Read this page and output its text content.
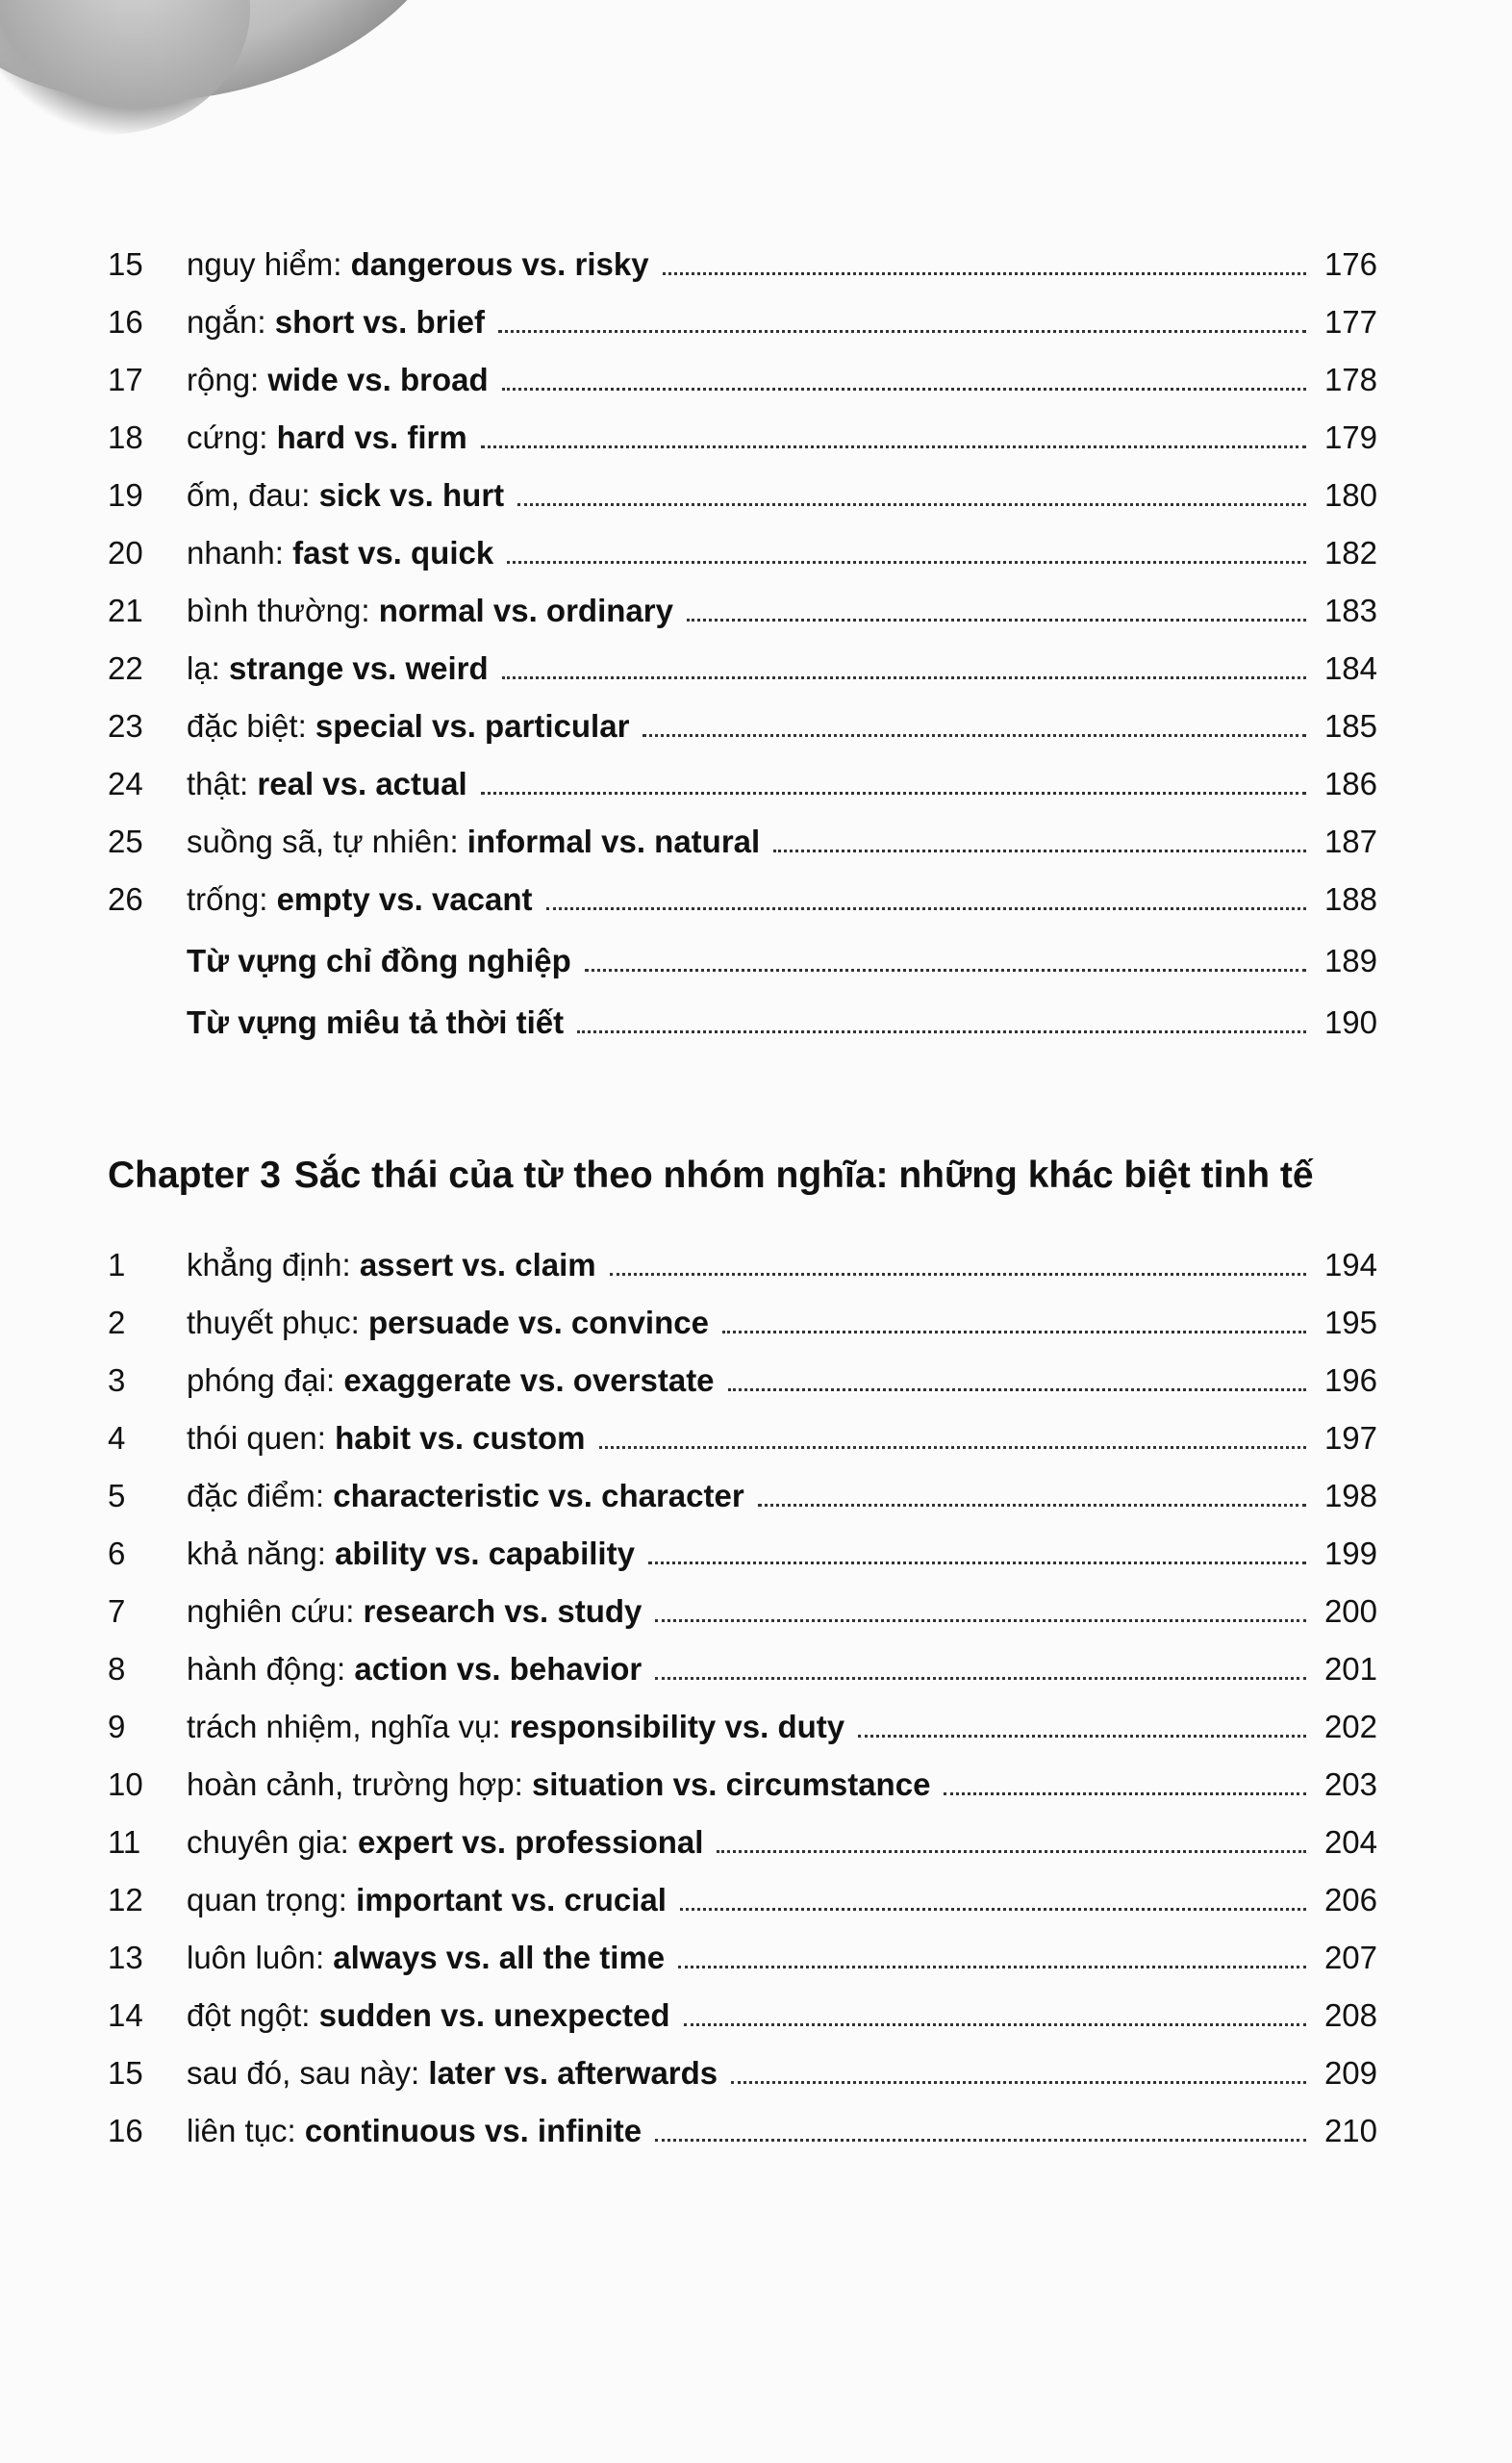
15	nguy hiểm: dangerous vs. risky	176
16	ngắn: short vs. brief	177
17	rộng: wide vs. broad	178
18	cứng: hard vs. firm	179
19	ốm, đau: sick vs. hurt	180
20	nhanh: fast vs. quick	182
21	bình thường: normal vs. ordinary	183
22	lạ: strange vs. weird	184
23	đặc biệt: special vs. particular	185
24	thật: real vs. actual	186
25	suồng sã, tự nhiên: informal vs. natural	187
26	trống: empty vs. vacant	188
Từ vựng chỉ đồng nghiệp	189
Từ vựng miêu tả thời tiết	190
Chapter 3 Sắc thái của từ theo nhóm nghĩa: những khác biệt tinh tế
1	khẳng định: assert vs. claim	194
2	thuyết phục: persuade vs. convince	195
3	phóng đại: exaggerate vs. overstate	196
4	thói quen: habit vs. custom	197
5	đặc điểm: characteristic vs. character	198
6	khả năng: ability vs. capability	199
7	nghiên cứu: research vs. study	200
8	hành động: action vs. behavior	201
9	trách nhiệm, nghĩa vụ: responsibility vs. duty	202
10	hoàn cảnh, trường hợp: situation vs. circumstance	203
11	chuyên gia: expert vs. professional	204
12	quan trọng: important vs. crucial	206
13	luôn luôn: always vs. all the time	207
14	đột ngột: sudden vs. unexpected	208
15	sau đó, sau này: later vs. afterwards	209
16	liên tục: continuous vs. infinite	210
